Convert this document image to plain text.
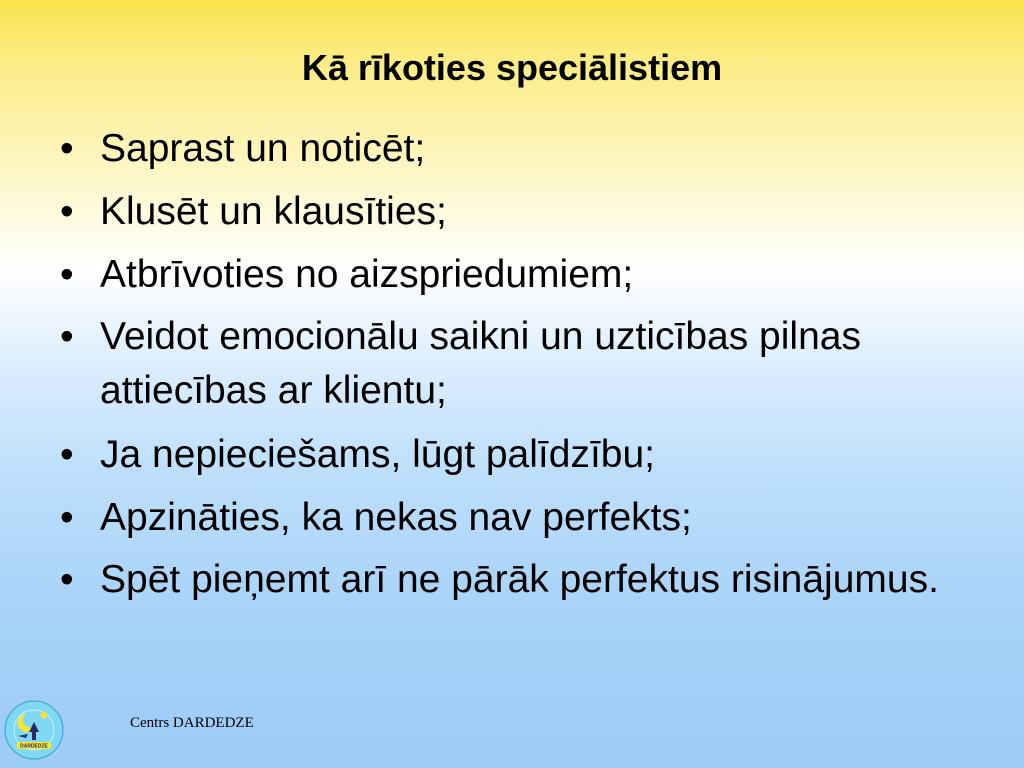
Kā rīkoties speciālistiem
• Saprast un noticēt;
• Klusēt un klausīties;
• Atbrīvoties no aizspriedumiem;
• Veidot emocionālu saikni un uzticības pilnas attiecības ar klientu;
• Ja nepieciešams, lūgt palīdzību;
• Apzināties, ka nekas nav perfekts;
• Spēt pieņemt arī ne pārāk perfektus risinājumus.
DARDEDZE
Centrs DARDEDZE
